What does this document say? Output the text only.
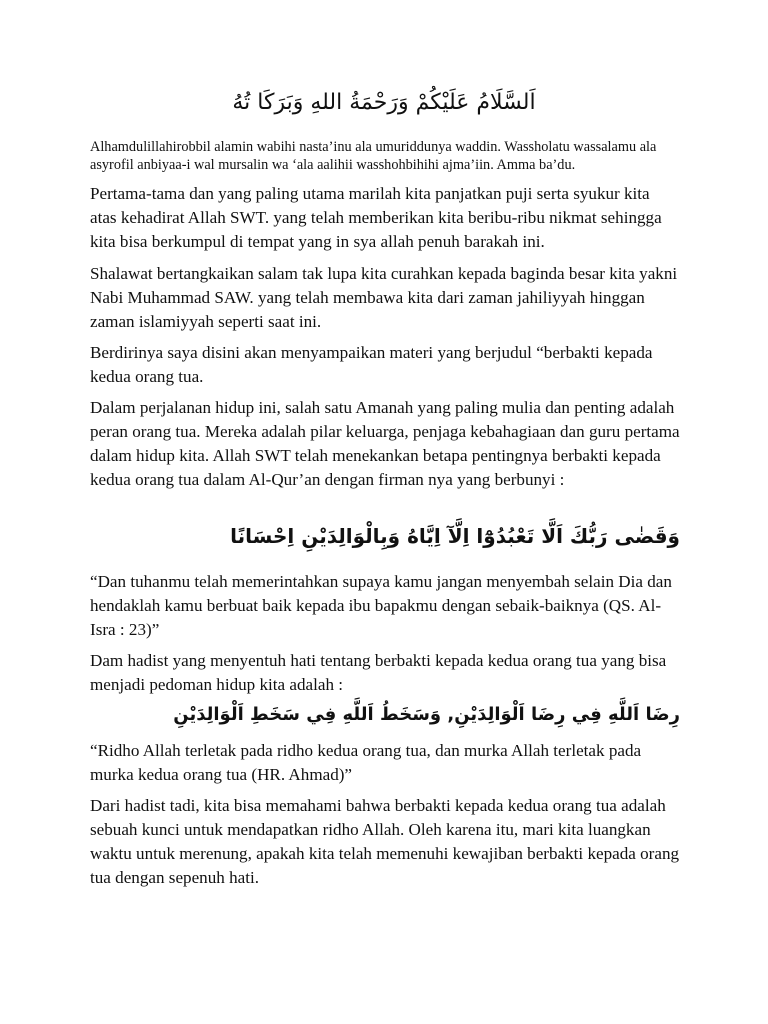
اَلسَّلَامُ عَلَيْكُمْ وَرَحْمَةُ اللهِ وَبَرَكَا تُهُ

Alhamdulillahirobbil alamin wabihi nasta’inu ala umuriddunya waddin. Wassholatu wassalamu ala asyrofil anbiyaa-i wal mursalin wa ‘ala aalihii wasshohbihihi ajma’iin. Amma ba’du.

Pertama-tama dan yang paling utama marilah kita panjatkan puji serta syukur kita atas kehadirat Allah SWT. yang telah memberikan kita beribu-ribu nikmat sehingga kita bisa berkumpul di tempat yang in sya allah penuh barakah ini.

Shalawat bertangkaikan salam tak lupa kita curahkan kepada baginda besar kita yakni Nabi Muhammad SAW. yang telah membawa kita dari zaman jahiliyyah hinggan zaman islamiyyah seperti saat ini.

Berdirinya saya disini akan menyampaikan materi yang berjudul “berbakti kepada kedua orang tua.

Dalam perjalanan hidup ini, salah satu Amanah yang paling mulia dan penting adalah peran orang tua. Mereka adalah pilar keluarga, penjaga kebahagiaan dan guru pertama dalam hidup kita. Allah SWT telah menekankan betapa pentingnya berbakti kepada kedua orang tua dalam Al-Qur’an dengan firman nya yang berbunyi :

وَقَضٰى رَبُّكَ اَلَّا تَعْبُدُوْٓا اِلَّآ اِيَّاهُ وَبِالْوَالِدَيْنِ اِحْسَانًا

“Dan tuhanmu telah memerintahkan supaya kamu jangan menyembah selain Dia dan hendaklah kamu berbuat baik kepada ibu bapakmu dengan sebaik-baiknya (QS. Al-Isra : 23)”

Dam hadist yang menyentuh hati tentang berbakti kepada kedua orang tua yang bisa menjadi pedoman hidup kita adalah :

رِضَا اَللَّهِ فِي رِضَا اَلْوَالِدَيْنِ, وَسَخَطُ اَللَّهِ فِي سَخَطِ اَلْوَالِدَيْنِ

“Ridho Allah terletak pada ridho kedua orang tua, dan murka Allah terletak pada murka kedua orang tua (HR. Ahmad)”

Dari hadist tadi, kita bisa memahami bahwa berbakti kepada kedua orang tua adalah sebuah kunci untuk mendapatkan ridho Allah. Oleh karena itu, mari kita luangkan waktu untuk merenung, apakah kita telah memenuhi kewajiban berbakti kepada orang tua dengan sepenuh hati.
